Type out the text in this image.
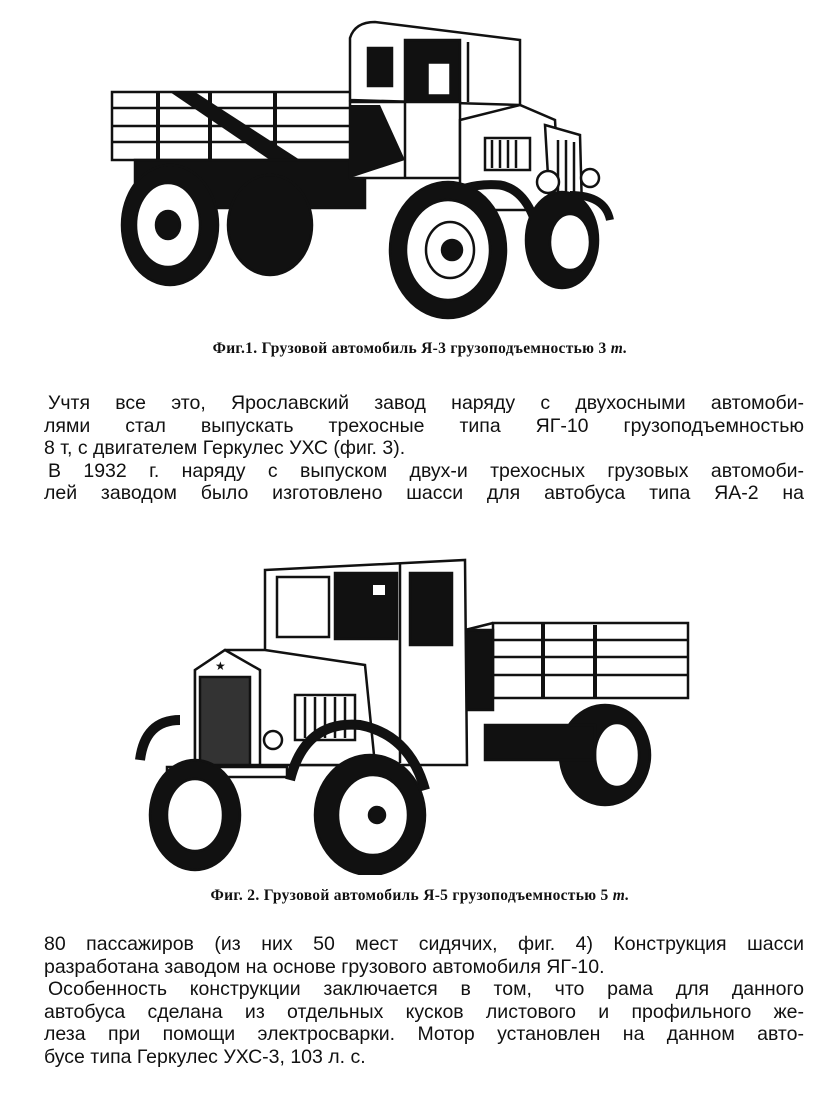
Фиг.1. Грузовой автомобиль Я-3 грузоподъемностью 3 т.
Учтя все это, Ярославский завод наряду с двухосными автомоби-
лями стал выпускать трехосные типа ЯГ-10 грузоподъемностью
8 т, с двигателем Геркулес УХС (фиг. 3).
В 1932 г. наряду с выпуском двух-и трехосных грузовых автомоби-
лей заводом было изготовлено шасси для автобуса типа ЯА-2 на
★
Фиг. 2. Грузовой автомобиль Я-5 грузоподъемностью 5 т.
80 пассажиров (из них 50 мест сидячих, фиг. 4) Конструкция шасси
разработана заводом на основе грузового автомобиля ЯГ-10.
Особенность конструкции заключается в том, что рама для данного
автобуса сделана из отдельных кусков листового и профильного же-
леза при помощи электросварки. Мотор установлен на данном авто-
бусе типа Геркулес УХС-3, 103 л. с.
